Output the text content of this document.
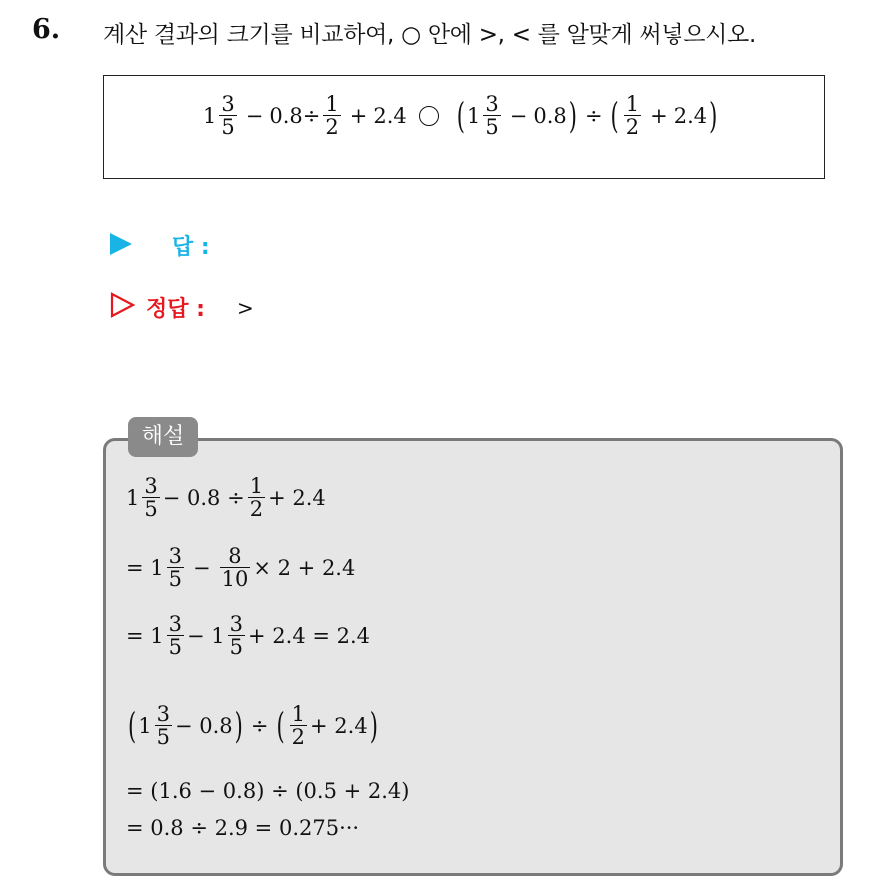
6. 계산 결과의 크기를 비교하여, ○ 안에 >, < 를 알맞게 써넣으시오.
$1 \frac{3}{5} - 0.8 \div \frac{1}{2} + 2.4$ ( $1 \frac{3}{5} - 0.8$ ) ÷ ( $\frac{1}{2} + 2.4$ )
답 :
정답 : >
해설
$1 \frac{3}{5} - 0.8 \div \frac{1}{2} + 2.4$
= $1 \frac{3}{5} - \frac{8}{10} \times 2 + 2.4$
= $1 \frac{3}{5} - 1 \frac{3}{5} + 2.4 = 2.4$
( $1 \frac{3}{5} - 0.8$ ) ÷ ( $\frac{1}{2} + 2.4$ )
= (1.6 − 0.8) ÷ (0.5 + 2.4)
= 0.8 ÷ 2.9 = 0.275···
